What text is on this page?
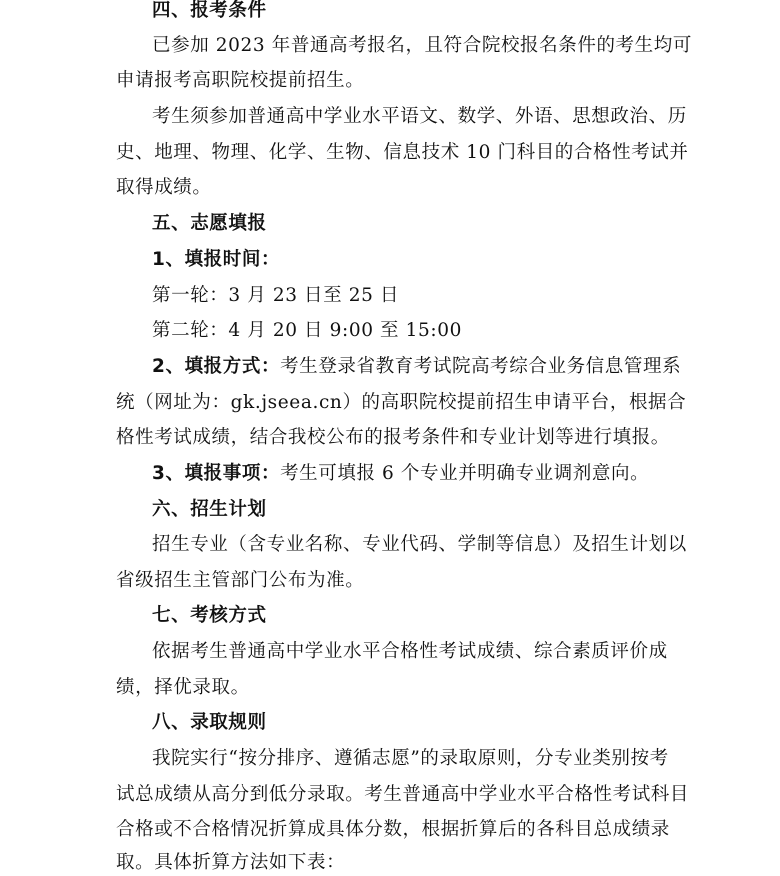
四、报考条件
已参加 2023 年普通高考报名，且符合院校报名条件的考生均可
申请报考高职院校提前招生。
考生须参加普通高中学业水平语文、数学、外语、思想政治、历
史、地理、物理、化学、生物、信息技术 10 门科目的合格性考试并
取得成绩。
五、志愿填报
1、填报时间：
第一轮：3 月 23 日至 25 日
第二轮：4 月 20 日 9:00 至 15:00
2、填报方式：考生登录省教育考试院高考综合业务信息管理系
统（网址为：gk.jseea.cn）的高职院校提前招生申请平台，根据合
格性考试成绩，结合我校公布的报考条件和专业计划等进行填报。
3、填报事项：考生可填报 6 个专业并明确专业调剂意向。
六、招生计划
招生专业（含专业名称、专业代码、学制等信息）及招生计划以
省级招生主管部门公布为准。
七、考核方式
依据考生普通高中学业水平合格性考试成绩、综合素质评价成
绩，择优录取。
八、录取规则
我院实行“按分排序、遵循志愿”的录取原则，分专业类别按考
试总成绩从高分到低分录取。考生普通高中学业水平合格性考试科目
合格或不合格情况折算成具体分数，根据折算后的各科目总成绩录
取。具体折算方法如下表：
